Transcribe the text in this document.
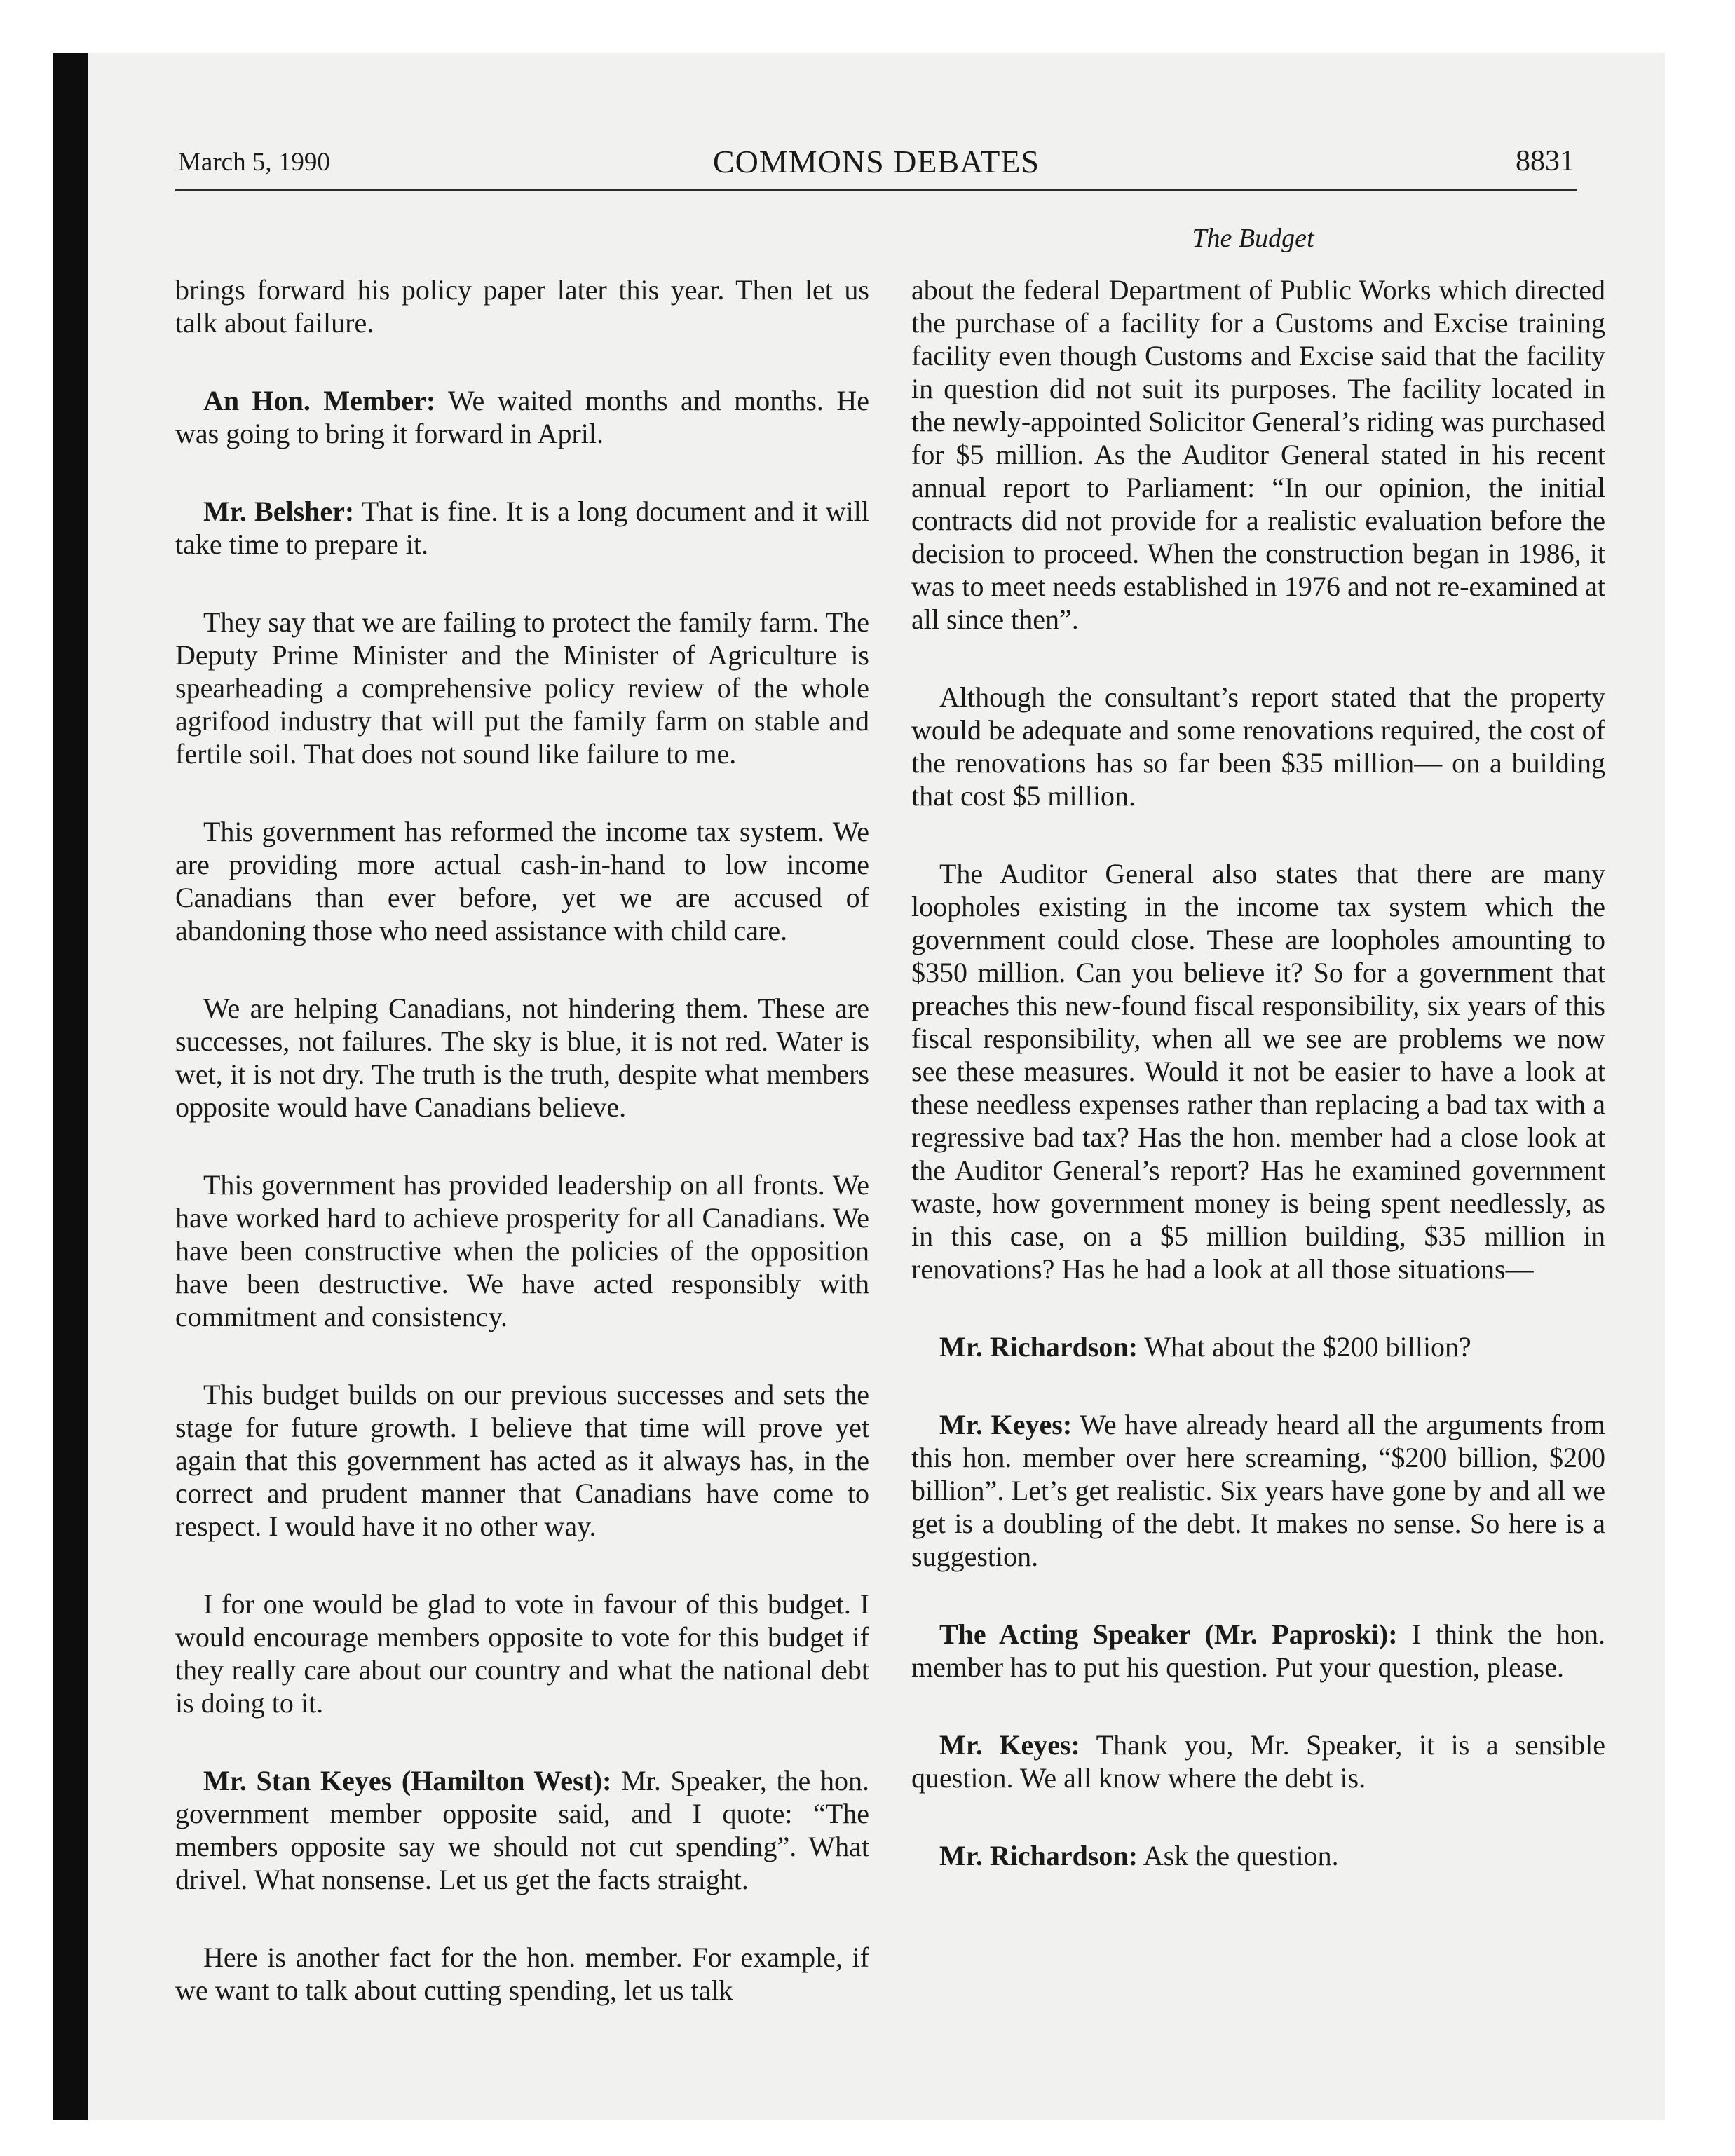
March 5, 1990	COMMONS DEBATES	8831
The Budget

brings forward his policy paper later this year. Then let us talk about failure.

An Hon. Member: We waited months and months. He was going to bring it forward in April.

Mr. Belsher: That is fine. It is a long document and it will take time to prepare it.

They say that we are failing to protect the family farm. The Deputy Prime Minister and the Minister of Agriculture is spearheading a comprehensive policy review of the whole agrifood industry that will put the family farm on stable and fertile soil. That does not sound like failure to me.

This government has reformed the income tax system. We are providing more actual cash-in-hand to low income Canadians than ever before, yet we are accused of abandoning those who need assistance with child care.

We are helping Canadians, not hindering them. These are successes, not failures. The sky is blue, it is not red. Water is wet, it is not dry. The truth is the truth, despite what members opposite would have Canadians believe.

This government has provided leadership on all fronts. We have worked hard to achieve prosperity for all Canadians. We have been constructive when the policies of the opposition have been destructive. We have acted responsibly with commitment and consistency.

This budget builds on our previous successes and sets the stage for future growth. I believe that time will prove yet again that this government has acted as it always has, in the correct and prudent manner that Canadians have come to respect. I would have it no other way.

I for one would be glad to vote in favour of this budget. I would encourage members opposite to vote for this budget if they really care about our country and what the national debt is doing to it.

Mr. Stan Keyes (Hamilton West): Mr. Speaker, the hon. government member opposite said, and I quote: “The members opposite say we should not cut spending”. What drivel. What nonsense. Let us get the facts straight.

Here is another fact for the hon. member. For example, if we want to talk about cutting spending, let us talk

about the federal Department of Public Works which directed the purchase of a facility for a Customs and Excise training facility even though Customs and Excise said that the facility in question did not suit its purposes. The facility located in the newly-appointed Solicitor General’s riding was purchased for $5 million. As the Auditor General stated in his recent annual report to Parliament: “In our opinion, the initial contracts did not provide for a realistic evaluation before the decision to proceed. When the construction began in 1986, it was to meet needs established in 1976 and not re-examined at all since then”.

Although the consultant’s report stated that the property would be adequate and some renovations required, the cost of the renovations has so far been $35 million— on a building that cost $5 million.

The Auditor General also states that there are many loopholes existing in the income tax system which the government could close. These are loopholes amounting to $350 million. Can you believe it? So for a government that preaches this new-found fiscal responsibility, six years of this fiscal responsibility, when all we see are problems we now see these measures. Would it not be easier to have a look at these needless expenses rather than replacing a bad tax with a regressive bad tax? Has the hon. member had a close look at the Auditor General’s report? Has he examined government waste, how government money is being spent needlessly, as in this case, on a $5 million building, $35 million in renovations? Has he had a look at all those situations—

Mr. Richardson: What about the $200 billion?

Mr. Keyes: We have already heard all the arguments from this hon. member over here screaming, “$200 billion, $200 billion”. Let’s get realistic. Six years have gone by and all we get is a doubling of the debt. It makes no sense. So here is a suggestion.

The Acting Speaker (Mr. Paproski): I think the hon. member has to put his question. Put your question, please.

Mr. Keyes: Thank you, Mr. Speaker, it is a sensible question. We all know where the debt is.

Mr. Richardson: Ask the question.
